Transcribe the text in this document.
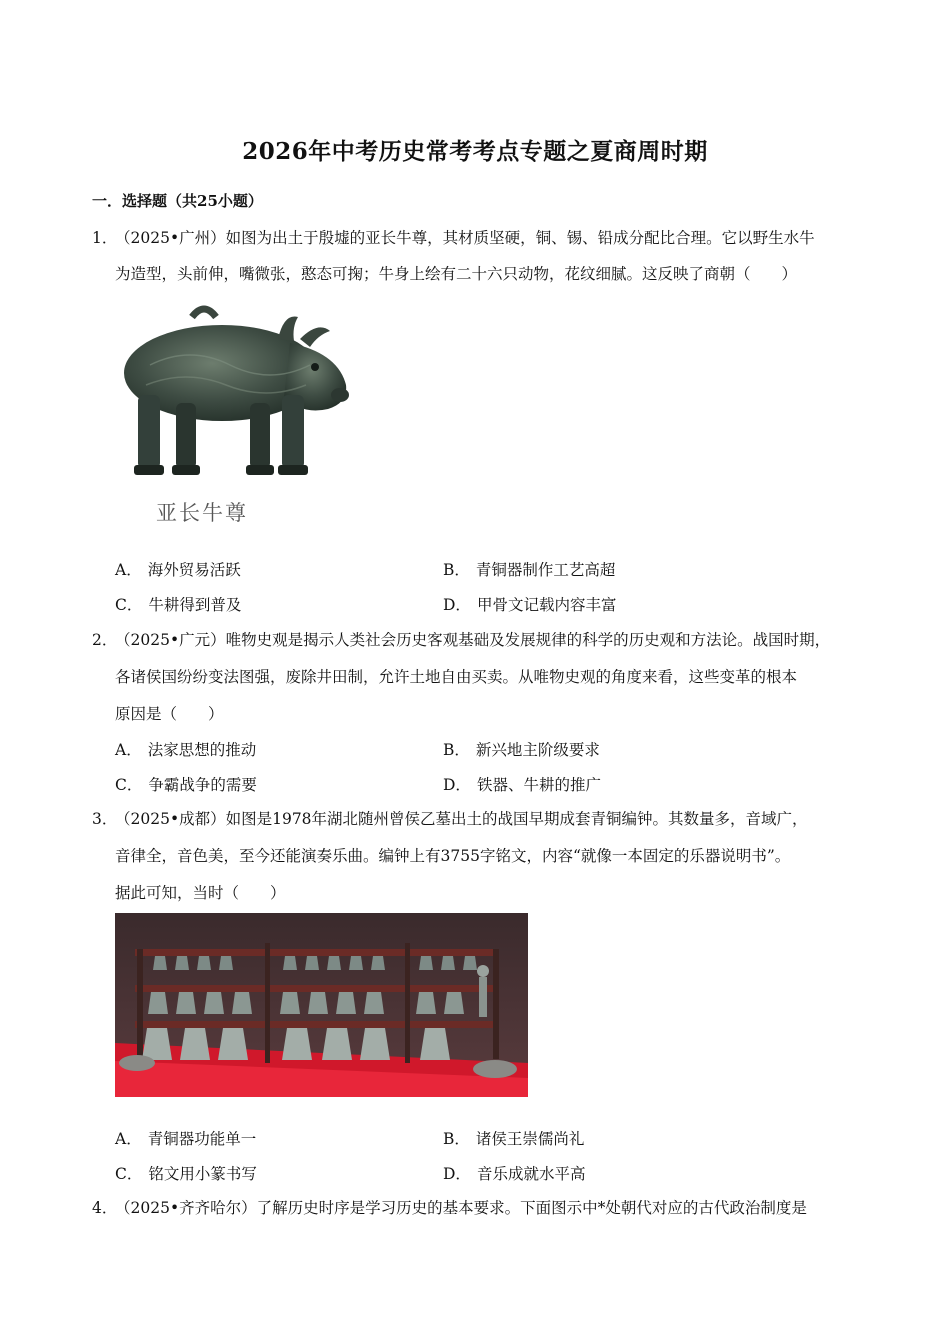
2026年中考历史常考考点专题之夏商周时期
一．选择题（共25小题）
1．
（2025•广州）如图为出土于殷墟的亚长牛尊，其材质坚硬，铜、锡、铅成分配比合理。它以野生水牛
为造型，头前伸，嘴微张，憨态可掬；牛身上绘有二十六只动物，花纹细腻。这反映了商朝（　　）
亚长牛尊
A． 海外贸易活跃	B． 青铜器制作工艺高超
C． 牛耕得到普及	D． 甲骨文记载内容丰富
2．
（2025•广元）唯物史观是揭示人类社会历史客观基础及发展规律的科学的历史观和方法论。战国时期，
各诸侯国纷纷变法图强，废除井田制，允许土地自由买卖。从唯物史观的角度来看，这些变革的根本
原因是（　　）
A． 法家思想的推动	B． 新兴地主阶级要求
C． 争霸战争的需要	D． 铁器、牛耕的推广
3．
（2025•成都）如图是1978年湖北随州曾侯乙墓出土的战国早期成套青铜编钟。其数量多，音域广，
音律全，音色美，至今还能演奏乐曲。编钟上有3755字铭文，内容“就像一本固定的乐器说明书”。
据此可知，当时（　　）
A． 青铜器功能单一	B． 诸侯王崇儒尚礼
C． 铭文用小篆书写	D． 音乐成就水平高
4．
（2025•齐齐哈尔）了解历史时序是学习历史的基本要求。下面图示中*处朝代对应的古代政治制度是
